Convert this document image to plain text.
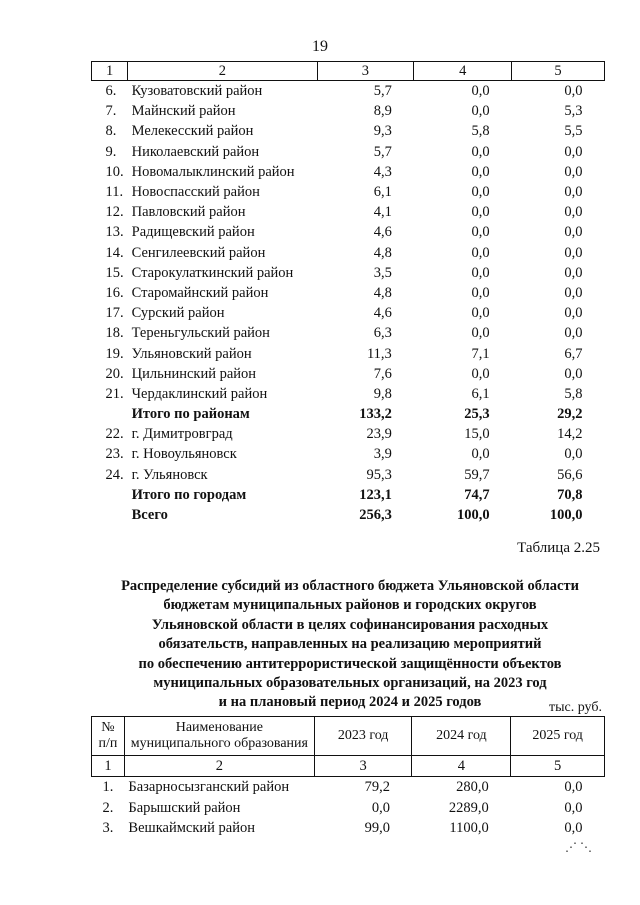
19
1	2	3	4	5
6.	Кузоватовский район	5,7	0,0	0,0
7.	Майнский район	8,9	0,0	5,3
8.	Мелекесский район	9,3	5,8	5,5
9.	Николаевский район	5,7	0,0	0,0
10.	Новомалыклинский район	4,3	0,0	0,0
11.	Новоспасский район	6,1	0,0	0,0
12.	Павловский район	4,1	0,0	0,0
13.	Радищевский район	4,6	0,0	0,0
14.	Сенгилеевский район	4,8	0,0	0,0
15.	Старокулаткинский район	3,5	0,0	0,0
16.	Старомайнский район	4,8	0,0	0,0
17.	Сурский район	4,6	0,0	0,0
18.	Тереньгульский район	6,3	0,0	0,0
19.	Ульяновский район	11,3	7,1	6,7
20.	Цильнинский район	7,6	0,0	0,0
21.	Чердаклинский район	9,8	6,1	5,8
	Итого по районам	133,2	25,3	29,2
22.	г. Димитровград	23,9	15,0	14,2
23.	г. Новоульяновск	3,9	0,0	0,0
24.	г. Ульяновск	95,3	59,7	56,6
	Итого по городам	123,1	74,7	70,8
	Всего	256,3	100,0	100,0
Таблица 2.25
Распределение субсидий из областного бюджета Ульяновской области
бюджетам муниципальных районов и городских округов
Ульяновской области в целях софинансирования расходных
обязательств, направленных на реализацию мероприятий
по обеспечению антитеррористической защищённости объектов
муниципальных образовательных организаций, на 2023 год
и на плановый период 2024 и 2025 годов	тыс. руб.
№ п/п	Наименование муниципального образования	2023 год	2024 год	2025 год
1	2	3	4	5
1.	Базарносызганский район	79,2	280,0	0,0
2.	Барышский район	0,0	2289,0	0,0
3.	Вешкаймский район	99,0	1100,0	0,0
⋰ ⋱
